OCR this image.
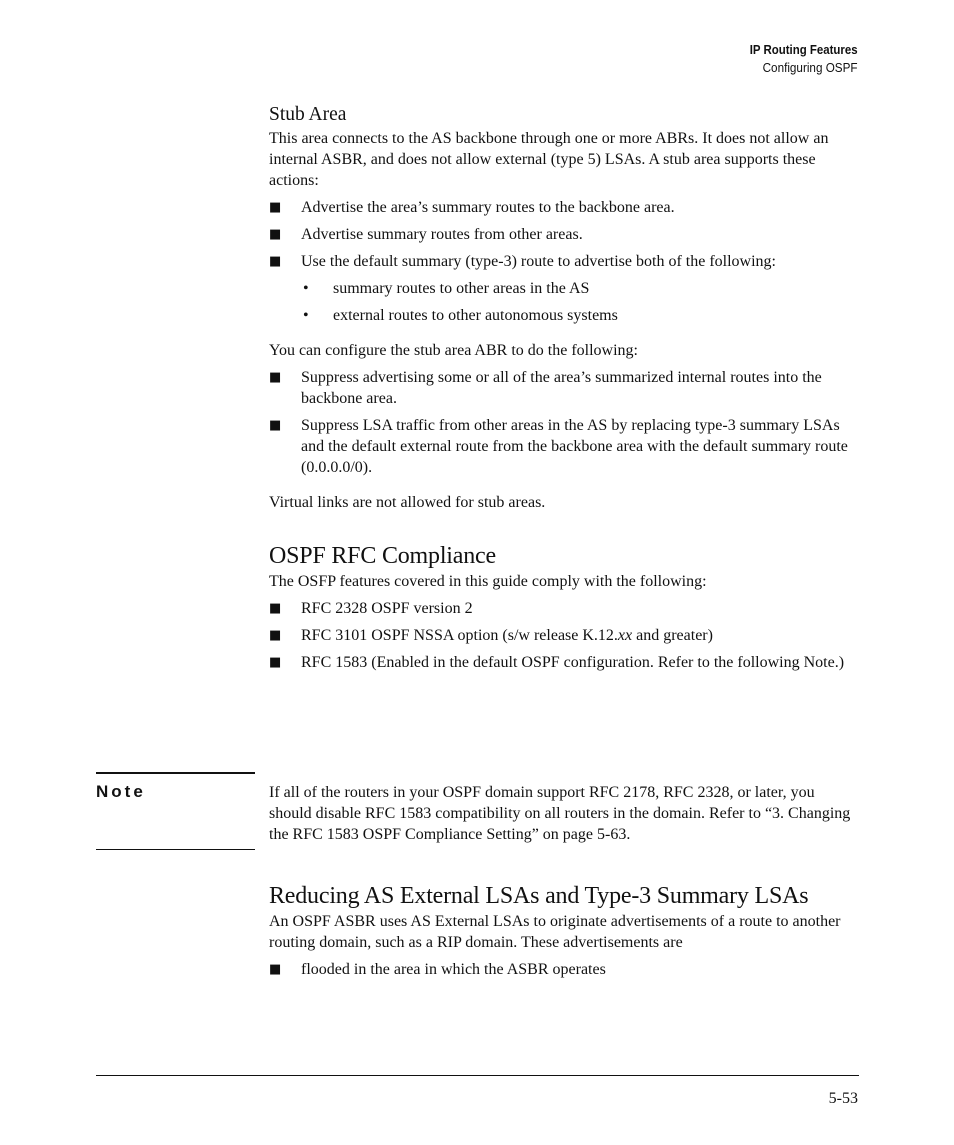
IP Routing Features
Configuring OSPF

Stub Area

This area connects to the AS backbone through one or more ABRs. It does not allow an internal ASBR, and does not allow external (type 5) LSAs. A stub area supports these actions:

■ Advertise the area’s summary routes to the backbone area.
■ Advertise summary routes from other areas.
■ Use the default summary (type-3) route to advertise both of the following:
• summary routes to other areas in the AS
• external routes to other autonomous systems

You can configure the stub area ABR to do the following:

■ Suppress advertising some or all of the area’s summarized internal routes into the backbone area.
■ Suppress LSA traffic from other areas in the AS by replacing type-3 summary LSAs and the default external route from the backbone area with the default summary route (0.0.0.0/0).

Virtual links are not allowed for stub areas.

OSPF RFC Compliance

The OSFP features covered in this guide comply with the following:

■ RFC 2328 OSPF version 2
■ RFC 3101 OSPF NSSA option (s/w release K.12.xx and greater)
■ RFC 1583 (Enabled in the default OSPF configuration. Refer to the following Note.)
Note	If all of the routers in your OSPF domain support RFC 2178, RFC 2328, or later, you should disable RFC 1583 compatibility on all routers in the domain. Refer to “3. Changing the RFC 1583 OSPF Compliance Setting” on page 5-63.

Reducing AS External LSAs and Type-3 Summary LSAs

An OSPF ASBR uses AS External LSAs to originate advertisements of a route to another routing domain, such as a RIP domain. These advertisements are

■ flooded in the area in which the ASBR operates
5-53
